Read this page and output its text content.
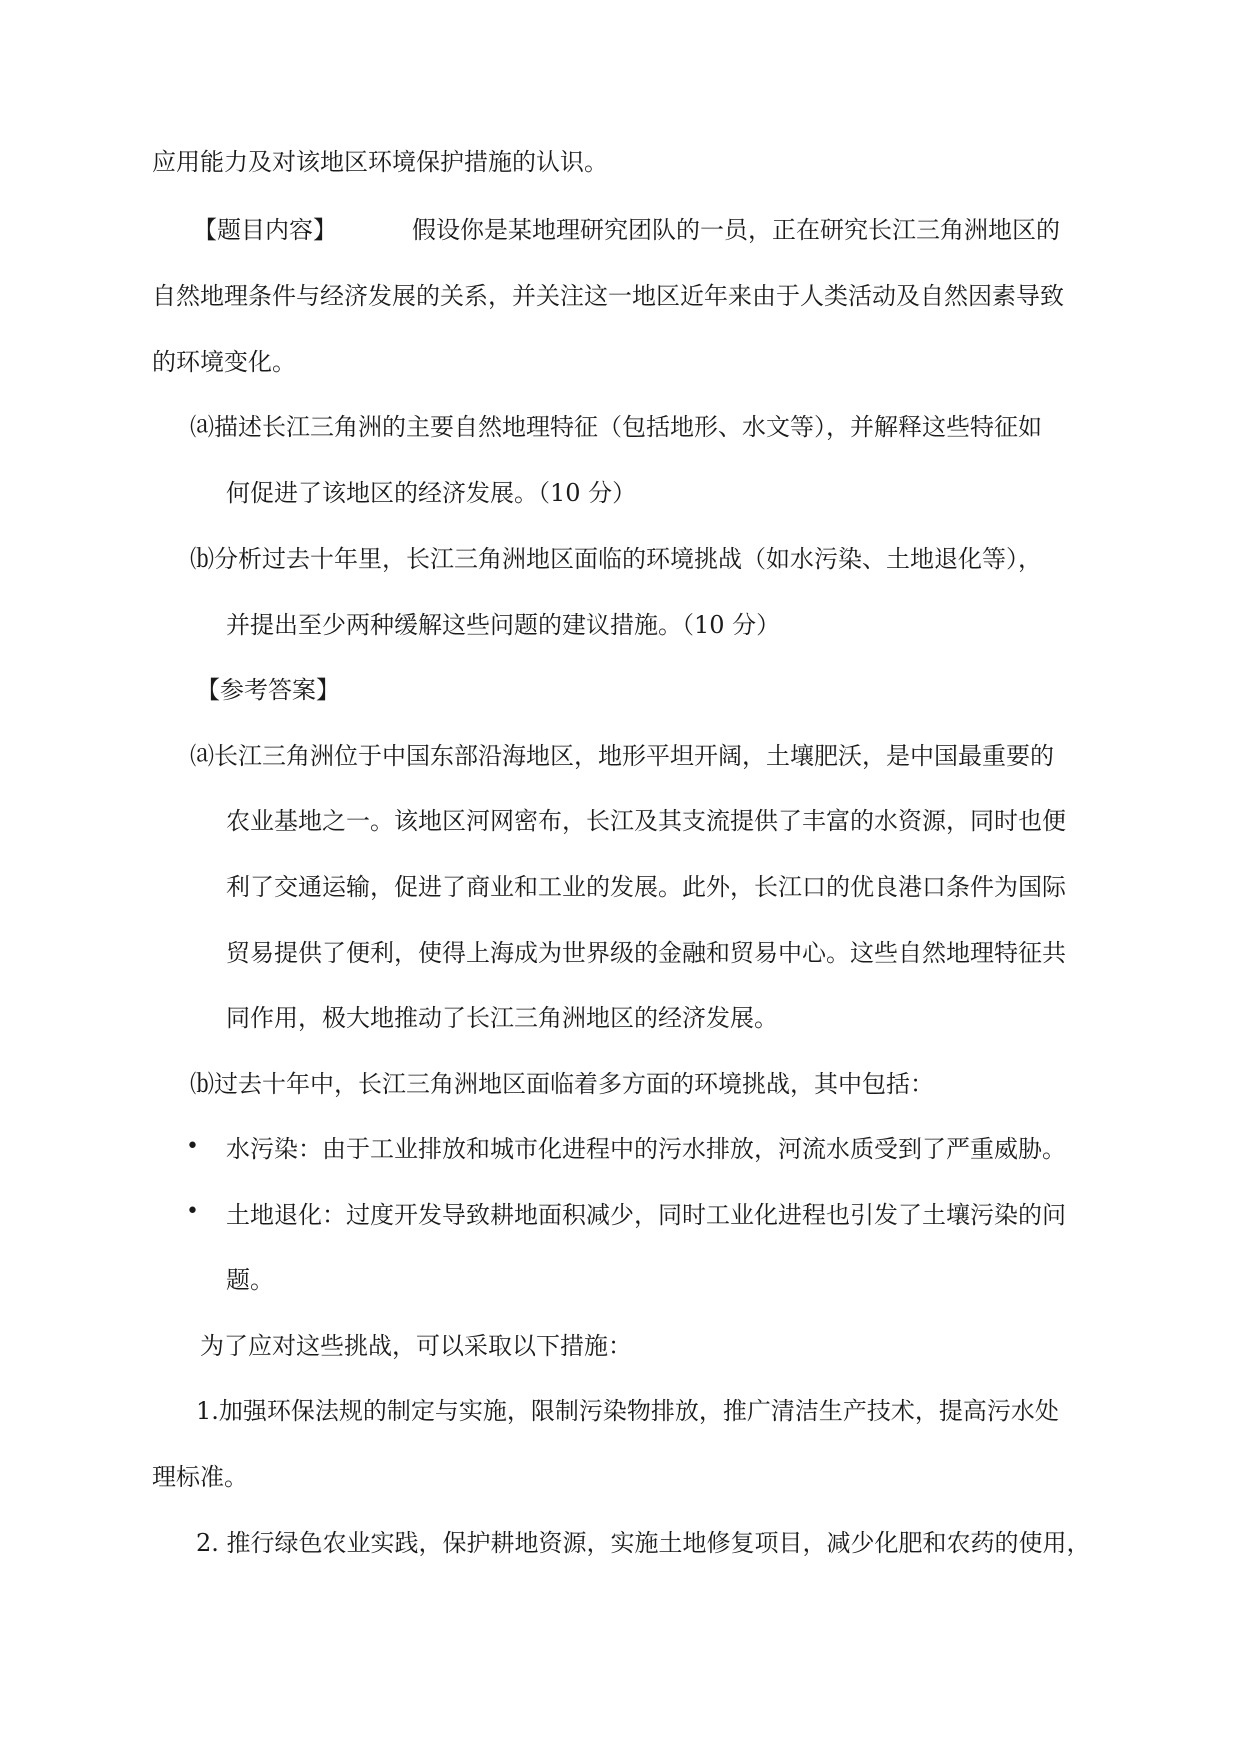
应用能力及对该地区环境保护措施的认识。
【题目内容】	假设你是某地理研究团队的一员，正在研究长江三角洲地区的
自然地理条件与经济发展的关系，并关注这一地区近年来由于人类活动及自然因素导致
的环境变化。
⒜描述长江三角洲的主要自然地理特征（包括地形、水文等），并解释这些特征如
何促进了该地区的经济发展。（10 分）
⒝分析过去十年里，长江三角洲地区面临的环境挑战（如水污染、土地退化等），
并提出至少两种缓解这些问题的建议措施。（10 分）
【参考答案】
⒜长江三角洲位于中国东部沿海地区，地形平坦开阔，土壤肥沃，是中国最重要的
农业基地之一。该地区河网密布，长江及其支流提供了丰富的水资源，同时也便
利了交通运输，促进了商业和工业的发展。此外，长江口的优良港口条件为国际
贸易提供了便利，使得上海成为世界级的金融和贸易中心。这些自然地理特征共
同作用，极大地推动了长江三角洲地区的经济发展。
⒝过去十年中，长江三角洲地区面临着多方面的环境挑战，其中包括：
• 水污染：由于工业排放和城市化进程中的污水排放，河流水质受到了严重威胁。
• 土地退化：过度开发导致耕地面积减少，同时工业化进程也引发了土壤污染的问
题。
为了应对这些挑战，可以采取以下措施：
1.加强环保法规的制定与实施，限制污染物排放，推广清洁生产技术，提高污水处
理标准。
2. 推行绿色农业实践，保护耕地资源，实施土地修复项目，减少化肥和农药的使用，
